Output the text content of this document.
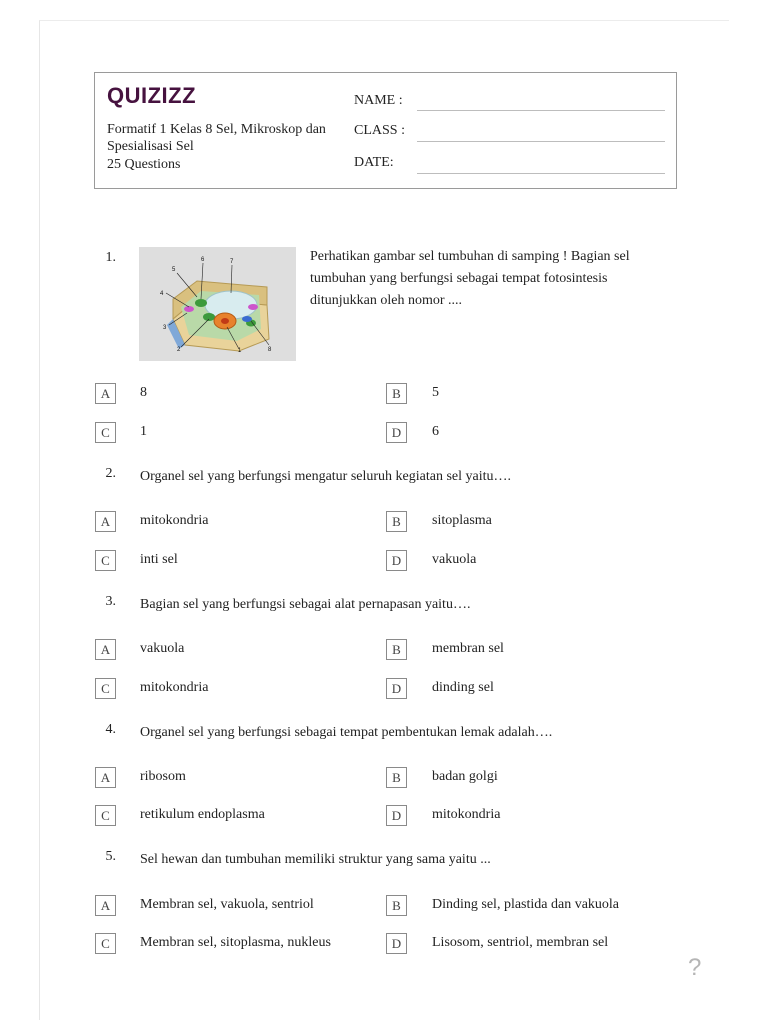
QUIZIZZ
Formatif 1 Kelas 8 Sel, Mikroskop dan Spesialisasi Sel
25 Questions
NAME :
CLASS :
DATE:
1.
1
2
3
4
5
6	7
8
Perhatikan gambar sel tumbuhan di samping ! Bagian sel tumbuhan yang berfungsi sebagai tempat fotosintesis ditunjukkan oleh nomor ....
A	8	B	5
C	1	D	6
2. Organel sel yang berfungsi mengatur seluruh kegiatan sel yaitu….
A	mitokondria	B	sitoplasma
C	inti sel	D	vakuola
3. Bagian sel yang berfungsi sebagai alat pernapasan yaitu….
A	vakuola	B	membran sel
C	mitokondria	D	dinding sel
4. Organel sel yang berfungsi sebagai tempat pembentukan lemak adalah….
A	ribosom	B	badan golgi
C	retikulum endoplasma	D	mitokondria
5. Sel hewan dan tumbuhan memiliki struktur yang sama yaitu ...
A	Membran sel, vakuola, sentriol	B	Dinding sel, plastida dan vakuola
C	Membran sel, sitoplasma, nukleus	D	Lisosom, sentriol, membran sel
?
